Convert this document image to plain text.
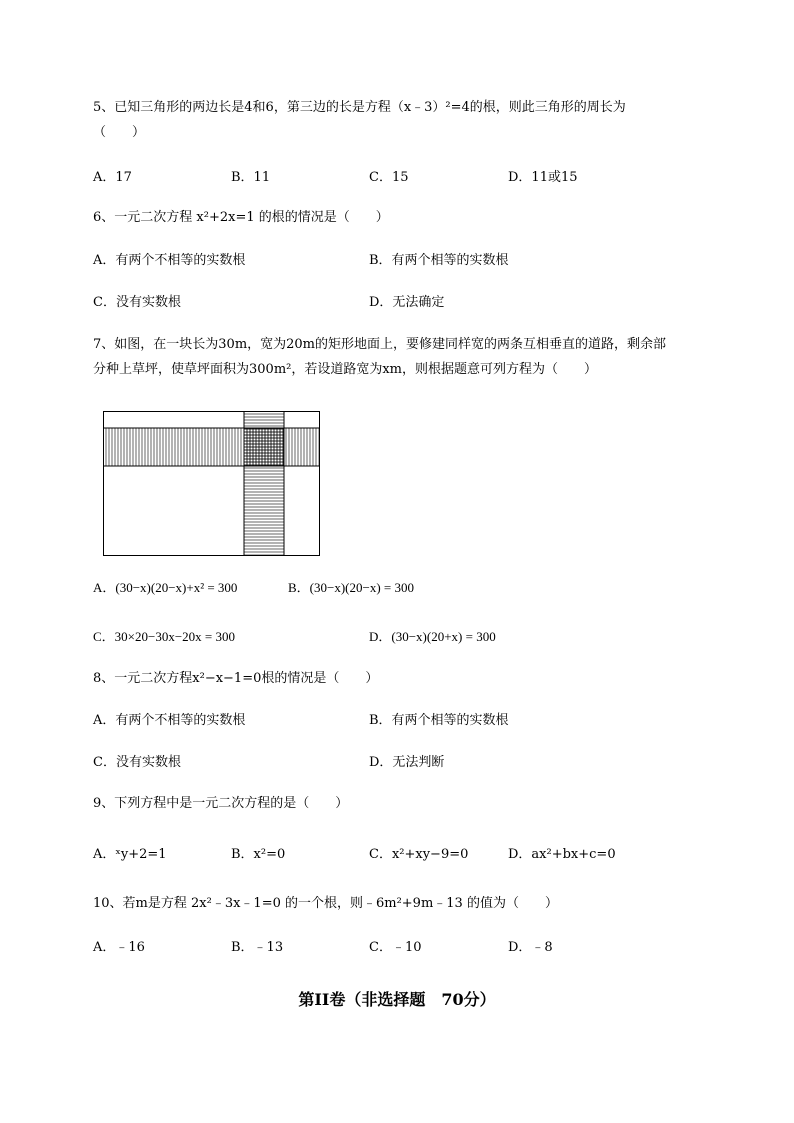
5、已知三角形的两边长是4和6，第三边的长是方程（x﹣3）²=4的根，则此三角形的周长为
（　　）
A．17	B．11	C．15	D．11或15
6、一元二次方程 x²+2x=1 的根的情况是（　　）
A．有两个不相等的实数根	B．有两个相等的实数根
C．没有实数根	D．无法确定
7、如图，在一块长为30m，宽为20m的矩形地面上，要修建同样宽的两条互相垂直的道路，剩余部
分种上草坪，使草坪面积为300m²，若设道路宽为xm，则根据题意可列方程为（　　）
A．(30−x)(20−x)+x² = 300	B．(30−x)(20−x) = 300
C．30×20−30x−20x = 300	D．(30−x)(20+x) = 300
8、一元二次方程x²−x−1=0根的情况是（　　）
A．有两个不相等的实数根	B．有两个相等的实数根
C．没有实数根	D．无法判断
9、下列方程中是一元二次方程的是（　　）
A．ˣy+2=1	B．x²=0	C．x²+xy−9=0	D．ax²+bx+c=0
10、若m是方程 2x²﹣3x﹣1=0 的一个根，则﹣6m²+9m﹣13 的值为（　　）
A．﹣16	B．﹣13	C．﹣10	D．﹣8
第II卷（非选择题　70分）
